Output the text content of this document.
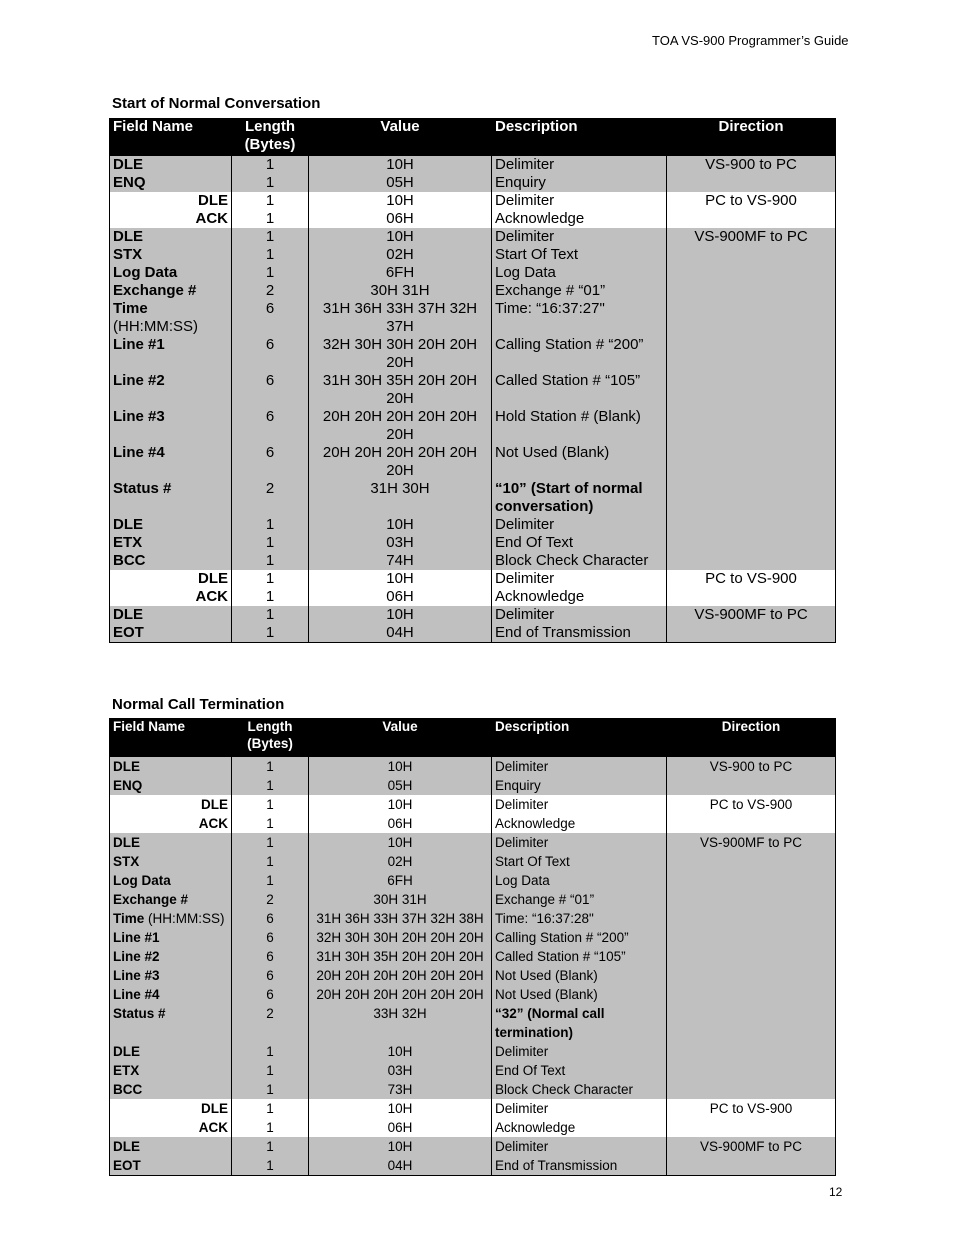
TOA VS-900 Programmer’s Guide
Start of Normal Conversation
Field Name	Length (Bytes)	Value	Description	Direction
DLE	1	10H	Delimiter	VS-900 to PC
ENQ	1	05H	Enquiry	
DLE	1	10H	Delimiter	PC to VS-900
ACK	1	06H	Acknowledge	
DLE	1	10H	Delimiter	VS-900MF to PC
STX	1	02H	Start Of Text	
Log Data	1	6FH	Log Data	
Exchange #	2	30H 31H	Exchange # “01”	
Time (HH:MM:SS)	6	31H 36H 33H 37H 32H 37H	Time: “16:37:27"	
Line #1	6	32H 30H 30H 20H 20H 20H	Calling Station # “200”	
Line #2	6	31H 30H 35H 20H 20H 20H	Called Station # “105”	
Line #3	6	20H 20H 20H 20H 20H 20H	Hold Station # (Blank)	
Line #4	6	20H 20H 20H 20H 20H 20H	Not Used (Blank)	
Status #	2	31H 30H	“10” (Start of normal conversation)	
DLE	1	10H	Delimiter	
ETX	1	03H	End Of Text	
BCC	1	74H	Block Check Character	
DLE	1	10H	Delimiter	PC to VS-900
ACK	1	06H	Acknowledge	
DLE	1	10H	Delimiter	VS-900MF to PC
EOT	1	04H	End of Transmission	
Normal Call Termination
Field Name	Length (Bytes)	Value	Description	Direction
DLE	1	10H	Delimiter	VS-900 to PC
ENQ	1	05H	Enquiry	
DLE	1	10H	Delimiter	PC to VS-900
ACK	1	06H	Acknowledge	
DLE	1	10H	Delimiter	VS-900MF to PC
STX	1	02H	Start Of Text	
Log Data	1	6FH	Log Data	
Exchange #	2	30H 31H	Exchange # “01”	
Time (HH:MM:SS)	6	31H 36H 33H 37H 32H 38H	Time: “16:37:28"	
Line #1	6	32H 30H 30H 20H 20H 20H	Calling Station # “200”	
Line #2	6	31H 30H 35H 20H 20H 20H	Called Station # “105”	
Line #3	6	20H 20H 20H 20H 20H 20H	Not Used (Blank)	
Line #4	6	20H 20H 20H 20H 20H 20H	Not Used (Blank)	
Status #	2	33H 32H	“32” (Normal call termination)	
DLE	1	10H	Delimiter	
ETX	1	03H	End Of Text	
BCC	1	73H	Block Check Character	
DLE	1	10H	Delimiter	PC to VS-900
ACK	1	06H	Acknowledge	
DLE	1	10H	Delimiter	VS-900MF to PC
EOT	1	04H	End of Transmission	
12
